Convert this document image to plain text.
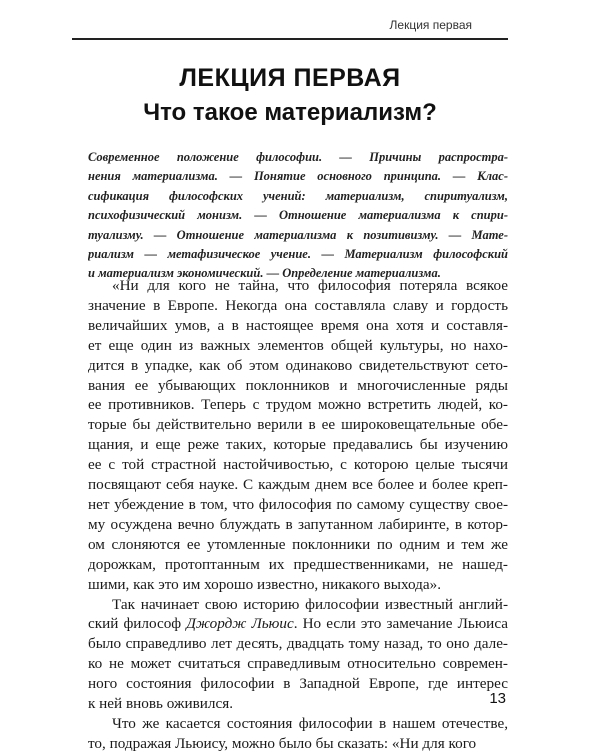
Лекция первая
ЛЕКЦИЯ ПЕРВАЯ
Что такое материализм?
Современное положение философии. — Причины распростра-
нения материализма. — Понятие основного принципа. — Клас-
сификация философских учений: материализм, спиритуализм,
психофизический монизм. — Отношение материализма к спири-
туализму. — Отношение материализма к позитивизму. — Мате-
риализм — метафизическое учение. — Материализм философский
и материализм экономический. — Определение материализма.
«Ни для кого не тайна, что философия потеряла всякое
значение в Европе. Некогда она составляла славу и гордость
величайших умов, а в настоящее время она хотя и составля-
ет еще один из важных элементов общей культуры, но нахо-
дится в упадке, как об этом одинаково свидетельствуют сето-
вания ее убывающих поклонников и многочисленные ряды
ее противников. Теперь с трудом можно встретить людей, ко-
торые бы действительно верили в ее широковещательные обе-
щания, и еще реже таких, которые предавались бы изучению
ее с той страстной настойчивостью, с которою целые тысячи
посвящают себя науке. С каждым днем все более и более креп-
нет убеждение в том, что философия по самому существу свое-
му осуждена вечно блуждать в запутанном лабиринте, в котор-
ом слоняются ее утомленные поклонники по одним и тем же
дорожкам, протоптанным их предшественниками, не нашед-
шими, как это им хорошо известно, никакого выхода».
Так начинает свою историю философии известный англий-
ский философ Джордж Льюис. Но если это замечание Льюиса
было справедливо лет десять, двадцать тому назад, то оно дале-
ко не может считаться справедливым относительно современ-
ного состояния философии в Западной Европе, где интерес
к ней вновь оживился.
Что же касается состояния философии в нашем отечестве,
то, подражая Льюису, можно было бы сказать: «Ни для кого
13
